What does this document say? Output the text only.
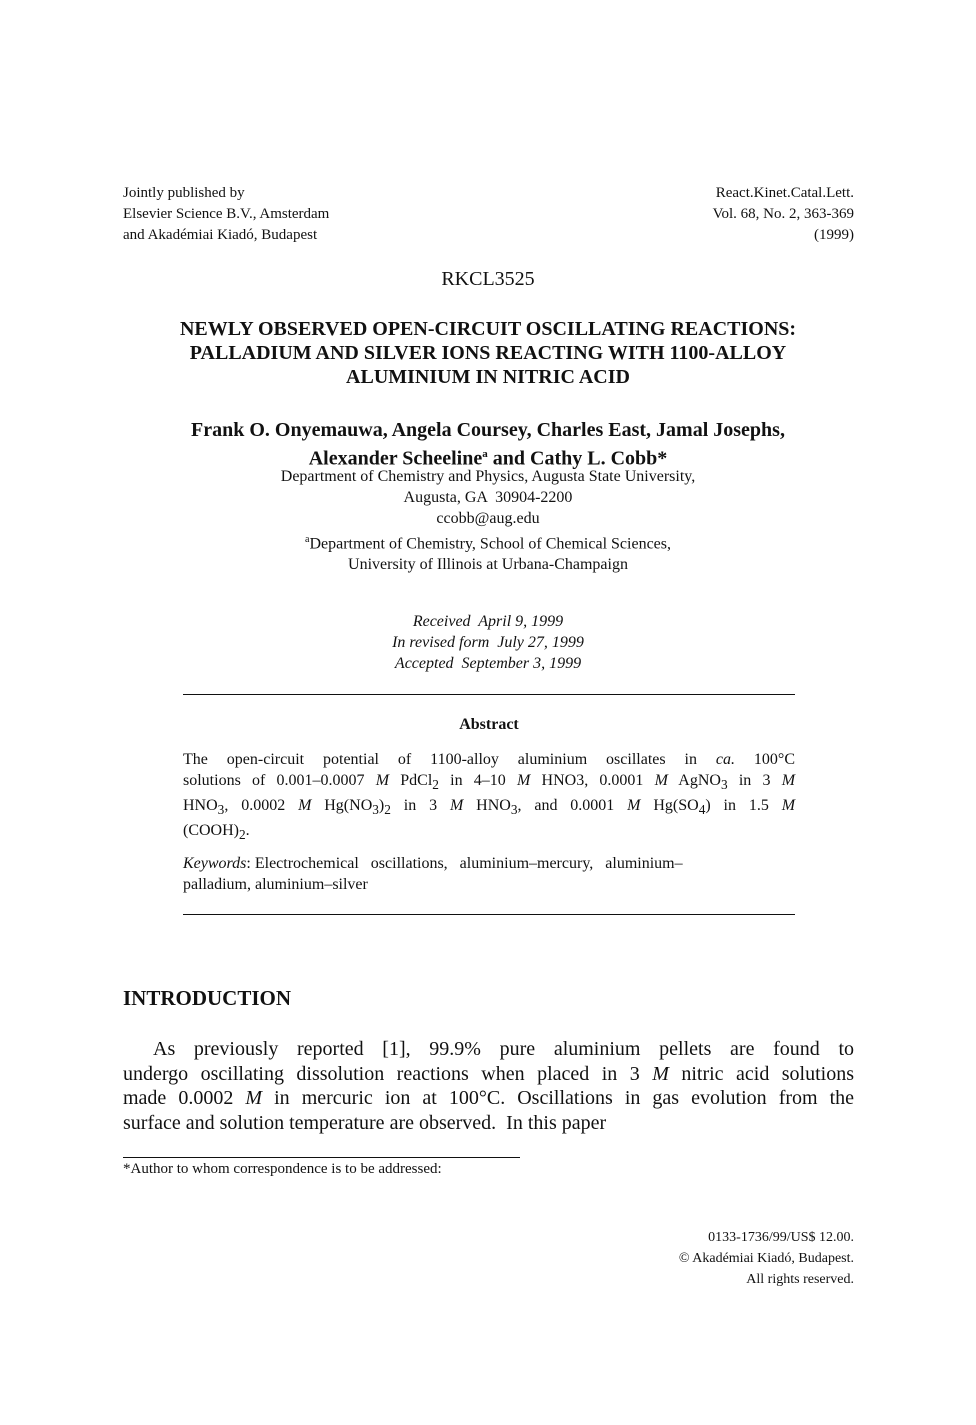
Jointly published by
Elsevier Science B.V., Amsterdam
and Akadémiai Kiadó, Budapest
React.Kinet.Catal.Lett.
Vol. 68, No. 2, 363-369
(1999)
RKCL3525
NEWLY OBSERVED OPEN-CIRCUIT OSCILLATING REACTIONS:
PALLADIUM AND SILVER IONS REACTING WITH 1100-ALLOY
ALUMINIUM IN NITRIC ACID
Frank O. Onyemauwa, Angela Coursey, Charles East, Jamal Josephs,
Alexander Scheeline$^a$ and Cathy L. Cobb*
Department of Chemistry and Physics, Augusta State University,
Augusta, GA  30904-2200
ccobb@aug.edu
$^a$Department of Chemistry, School of Chemical Sciences,
University of Illinois at Urbana-Champaign
Received  April 9, 1999
In revised form  July 27, 1999
Accepted  September 3, 1999
Abstract
The open-circuit potential of 1100-alloy aluminium oscillates in ca. 100°C
solutions of 0.001–0.0007 M PdCl$_2$ in 4–10 M HNO3, 0.0001 M AgNO$_3$ in 3 M
$HNO_3$, 0.0002 M $Hg(NO_3)_2$ in 3 M $HNO_3$, and 0.0001 M $Hg(SO_4)$ in 1.5 M
$(COOH)_2$.
Keywords: Electrochemical   oscillations,   aluminium–mercury,   aluminium–
palladium, aluminium–silver
INTRODUCTION
As previously reported [1], 99.9% pure aluminium pellets are found to
undergo oscillating dissolution reactions when placed in 3 M nitric acid solutions
made 0.0002 M in mercuric ion at 100°C. Oscillations in gas evolution from the
surface and solution temperature are observed.  In this paper
*Author to whom correspondence is to be addressed:
0133-1736/99/US$ 12.00.
© Akadémiai Kiadó, Budapest.
All rights reserved.
